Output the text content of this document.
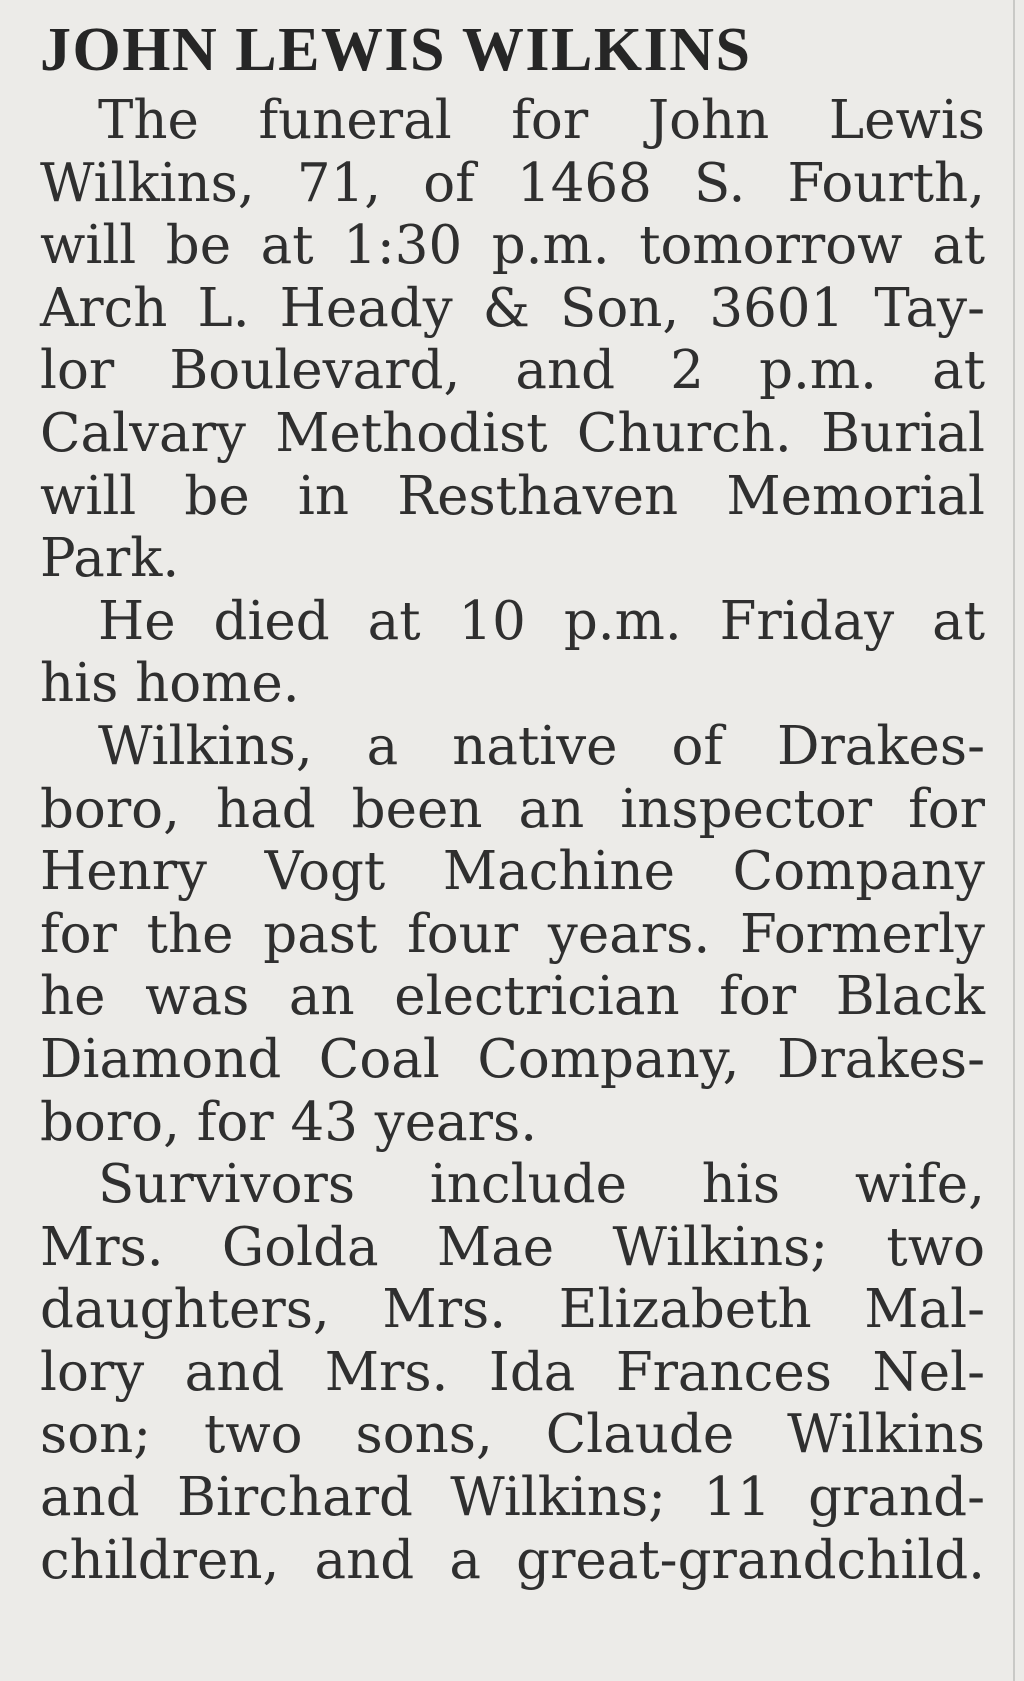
JOHN LEWIS WILKINS
The funeral for John Lewis
Wilkins, 71, of 1468 S. Fourth,
will be at 1:30 p.m. tomorrow at
Arch L. Heady & Son, 3601 Tay-
lor Boulevard, and 2 p.m. at
Calvary Methodist Church. Burial
will be in Resthaven Memorial
Park.
He died at 10 p.m. Friday at
his home.
Wilkins, a native of Drakes-
boro, had been an inspector for
Henry Vogt Machine Company
for the past four years. Formerly
he was an electrician for Black
Diamond Coal Company, Drakes-
boro, for 43 years.
Survivors include his wife,
Mrs. Golda Mae Wilkins; two
daughters, Mrs. Elizabeth Mal-
lory and Mrs. Ida Frances Nel-
son; two sons, Claude Wilkins
and Birchard Wilkins; 11 grand-
children, and a great-grandchild.
